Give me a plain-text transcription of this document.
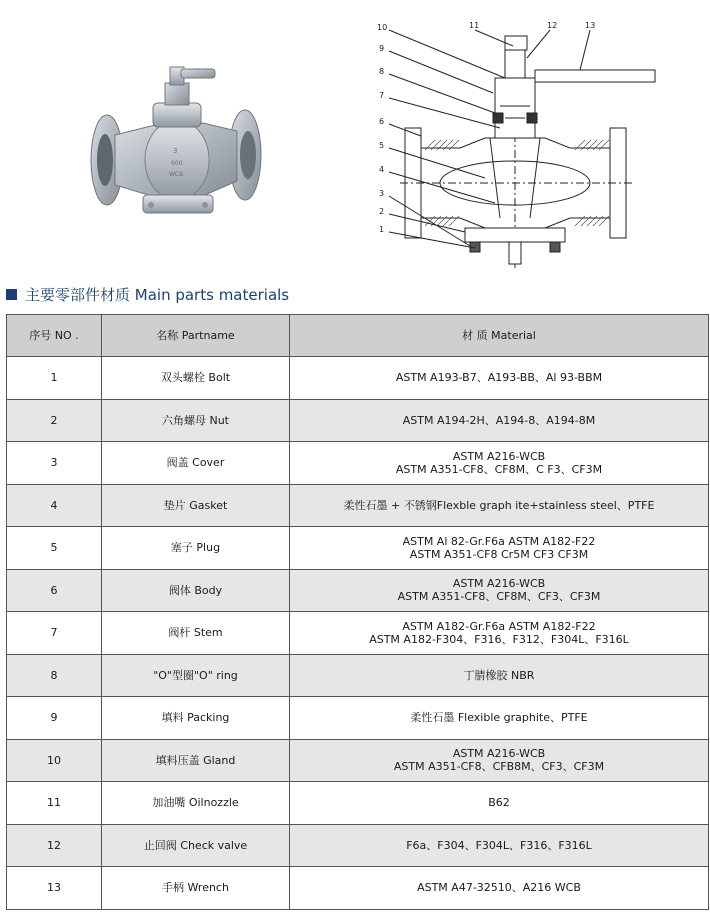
3
600
WCB
10
9
8
7
6
5
4
3
2
1
11	12	13
主要零部件材质 Main parts materials
序号 NO .	名称 Partname	材 质 Material
1	双头螺栓 Bolt	ASTM A193-B7、A193-BB、Al 93-BBM
2	六角螺母 Nut	ASTM A194-2H、A194-8、A194-8M
3	阀盖 Cover	ASTM A216-WCB
ASTM A351-CF8、CF8M、C F3、CF3M
4	垫片 Gasket	柔性石墨 + 不锈钢Flexble graph ite+stainless steel、PTFE
5	塞子 Plug	ASTM Al 82-Gr.F6a ASTM A182-F22
ASTM A351-CF8 Cr5M CF3 CF3M
6	阀体 Body	ASTM A216-WCB
ASTM A351-CF8、CF8M、CF3、CF3M
7	阀杆 Stem	ASTM A182-Gr.F6a ASTM A182-F22
ASTM A182-F304、F316、F312、F304L、F316L
8	"O"型圈"O" ring	丁腈橡胶 NBR
9	填料 Packing	柔性石墨 Flexible graphite、PTFE
10	填料压盖 Gland	ASTM A216-WCB
ASTM A351-CF8、CFB8M、CF3、CF3M
11	加油嘴 Oilnozzle	B62
12	止回阀 Check valve	F6a、F304、F304L、F316、F316L
13	手柄 Wrench	ASTM A47-32510、A216 WCB
